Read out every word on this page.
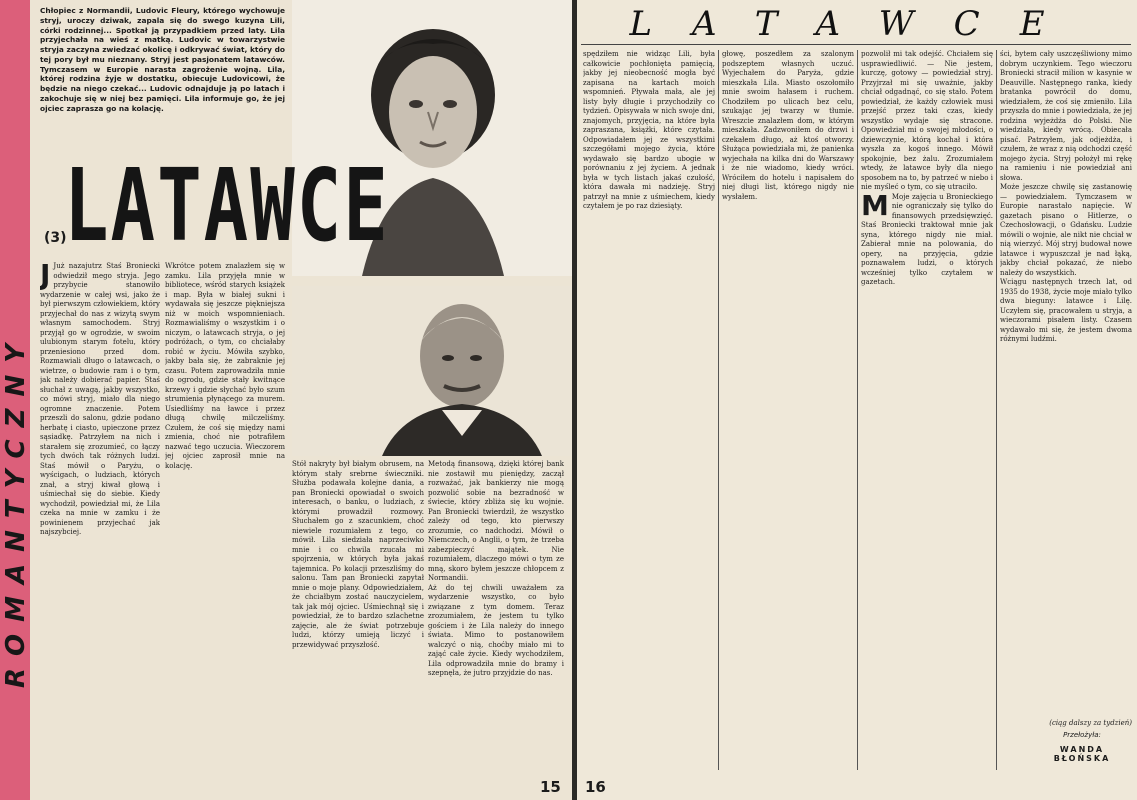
ROMANTYCZNY
Chłopiec z Normandii, Ludovic Fleury, którego wychowuje stryj, uroczy dziwak, zapala się do swego kuzyna Lili, córki rodzinnej... Spotkał ją przypadkiem przed laty. Lila przyjechała na wieś z matką. Ludovic w towarzystwie stryja zaczyna zwiedzać okolicę i odkrywać świat, który do tej pory był mu nieznany. Stryj jest pasjonatem latawców. Tymczasem w Europie narasta zagrożenie wojną. Lila, której rodzina żyje w dostatku, obiecuje Ludovicowi, że będzie na niego czekać... Ludovic odnajduje ją po latach i zakochuje się w niej bez pamięci. Lila informuje go, że jej ojciec zaprasza go na kolację.
(3)
LATAWCE
J Już nazajutrz Staś Broniecki odwiedził mego stryja. Jego przybycie stanowiło wydarzenie w całej wsi, jako że był pierwszym człowiekiem, który przyjechał do nas z wizytą swym własnym samochodem. Stryj przyjął go w ogrodzie, w swoim ulubionym starym fotelu, który przeniesiono przed dom. Rozmawiali długo o latawcach, o wietrze, o budowie ram i o tym, jak należy dobierać papier. Staś słuchał z uwagą, jakby wszystko, co mówi stryj, miało dla niego ogromne znaczenie. Potem przeszli do salonu, gdzie podano herbatę i ciasto, upieczone przez sąsiadkę. Patrzyłem na nich i starałem się zrozumieć, co łączy tych dwóch tak różnych ludzi. Staś mówił o Paryżu, o wyścigach, o ludziach, których znał, a stryj kiwał głową i uśmiechał się do siebie. Kiedy wychodził, powiedział mi, że Lila czeka na mnie w zamku i że powinienem przyjechać jak najszybciej.
Wkrótce potem znalazłem się w zamku. Lila przyjęła mnie w bibliotece, wśród starych książek i map. Była w białej sukni i wydawała się jeszcze piękniejsza niż w moich wspomnieniach. Rozmawialiśmy o wszystkim i o niczym, o latawcach stryja, o jej podróżach, o tym, co chciałaby robić w życiu. Mówiła szybko, jakby bała się, że zabraknie jej czasu. Potem zaprowadziła mnie do ogrodu, gdzie stały kwitnące krzewy i gdzie słychać było szum strumienia płynącego za murem. Usiedliśmy na ławce i przez długą chwilę milczeliśmy. Czułem, że coś się między nami zmienia, choć nie potrafiłem nazwać tego uczucia. Wieczorem jej ojciec zaprosił mnie na kolację.	Stół nakryty był białym obrusem, na którym stały srebrne świeczniki. Służba podawała kolejne dania, a pan Broniecki opowiadał o swoich interesach, o banku, o ludziach, z którymi prowadził rozmowy. Słuchałem go z szacunkiem, choć niewiele rozumiałem z tego, co mówił. Lila siedziała naprzeciwko mnie i co chwila rzucała mi spojrzenia, w których była jakaś tajemnica. Po kolacji przeszliśmy do salonu. Tam pan Broniecki zapytał mnie o moje plany. Odpowiedziałem, że chciałbym zostać nauczycielem, tak jak mój ojciec. Uśmiechnął się i powiedział, że to bardzo szlachetne zajęcie, ale że świat potrzebuje ludzi, którzy umieją liczyć i przewidywać przyszłość.
Metodą finansową, dzięki której bank nie zostawił mu pieniędzy, zaczął rozważać, jak bankierzy nie mogą pozwolić sobie na bezradność w świecie, który zbliża się ku wojnie. Pan Broniecki twierdził, że wszystko zależy od tego, kto pierwszy zrozumie, co nadchodzi. Mówił o Niemczech, o Anglii, o tym, że trzeba zabezpieczyć majątek. Nie rozumiałem, dlaczego mówi o tym ze mną, skoro byłem jeszcze chłopcem z Normandii.
Aż do tej chwili uważałem za wydarzenie wszystko, co było związane z tym domem. Teraz zrozumiałem, że jestem tu tylko gościem i że Lila należy do innego świata. Mimo to postanowiłem walczyć o nią, choćby miało mi to zająć całe życie. Kiedy wychodziłem, Lila odprowadziła mnie do bramy i szepnęła, że jutro przyjdzie do nas.
15
LATAWCE
spędziłem nie widząc Lili, była całkowicie pochłonięta pamięcią, jakby jej nieobecność mogła być zapisana na kartach moich wspomnień. Pływała mała, ale jej listy były długie i przychodziły co tydzień. Opisywała w nich swoje dni, znajomych, przyjęcia, na które była zapraszana, książki, które czytała. Odpowiadałem jej ze wszystkimi szczegółami mojego życia, które wydawało się bardzo ubogie w porównaniu z jej życiem. A jednak była w tych listach jakaś czułość, która dawała mi nadzieję. Stryj patrzył na mnie z uśmiechem, kiedy czytałem je po raz dziesiąty.
głowę, poszedłem za szalonym podszeptem własnych uczuć. Wyjechałem do Paryża, gdzie mieszkała Lila. Miasto oszołomiło mnie swoim hałasem i ruchem. Chodziłem po ulicach bez celu, szukając jej twarzy w tłumie. Wreszcie znalazłem dom, w którym mieszkała. Zadzwoniłem do drzwi i czekałem długo, aż ktoś otworzy. Służąca powiedziała mi, że panienka wyjechała na kilka dni do Warszawy i że nie wiadomo, kiedy wróci. Wróciłem do hotelu i napisałem do niej długi list, którego nigdy nie wysłałem.
pozwolił mi tak odejść. Chciałem się usprawiedliwić. — Nie jestem, kurczę, gotowy — powiedział stryj. Przyjrzał mi się uważnie, jakby chciał odgadnąć, co się stało. Potem powiedział, że każdy człowiek musi przejść przez taki czas, kiedy wszystko wydaje się stracone. Opowiedział mi o swojej młodości, o dziewczynie, którą kochał i która wyszła za kogoś innego. Mówił spokojnie, bez żalu. Zrozumiałem wtedy, że latawce były dla niego sposobem na to, by patrzeć w niebo i nie myśleć o tym, co się utraciło.

M Moje zajęcia u Bronieckiego nie ograniczały się tylko do finansowych przedsięwzięć. Staś Broniecki traktował mnie jak syna, którego nigdy nie miał. Zabierał mnie na polowania, do opery, na przyjęcia, gdzie poznawałem ludzi, o których wcześniej tylko czytałem w gazetach.
ści, bytem cały uszczęśliwiony mimo dobrym uczynkiem. Tego wieczoru Broniecki stracił milion w kasynie w Deauville. Następnego ranka, kiedy bratanka powrócił do domu, wiedziałem, że coś się zmieniło. Lila przyszła do mnie i powiedziała, że jej rodzina wyjeżdża do Polski. Nie wiedziała, kiedy wrócą. Obiecała pisać. Patrzyłem, jak odjeżdża, i czułem, że wraz z nią odchodzi część mojego życia. Stryj położył mi rękę na ramieniu i nie powiedział ani słowa.
Może jeszcze chwilę się zastanowię — powiedziałem. Tymczasem w Europie narastało napięcie. W gazetach pisano o Hitlerze, o Czechosłowacji, o Gdańsku. Ludzie mówili o wojnie, ale nikt nie chciał w nią wierzyć. Mój stryj budował nowe latawce i wypuszczał je nad łąką, jakby chciał pokazać, że niebo należy do wszystkich.
Wciągu następnych trzech lat, od 1935 do 1938, życie moje miało tylko dwa bieguny: latawce i Lilę. Uczyłem się, pracowałem u stryja, a wieczorami pisałem listy. Czasem wydawało mi się, że jestem dwoma różnymi ludźmi.
(ciąg dalszy za tydzień)
Przełożyła:
WANDA BŁOŃSKA
16
